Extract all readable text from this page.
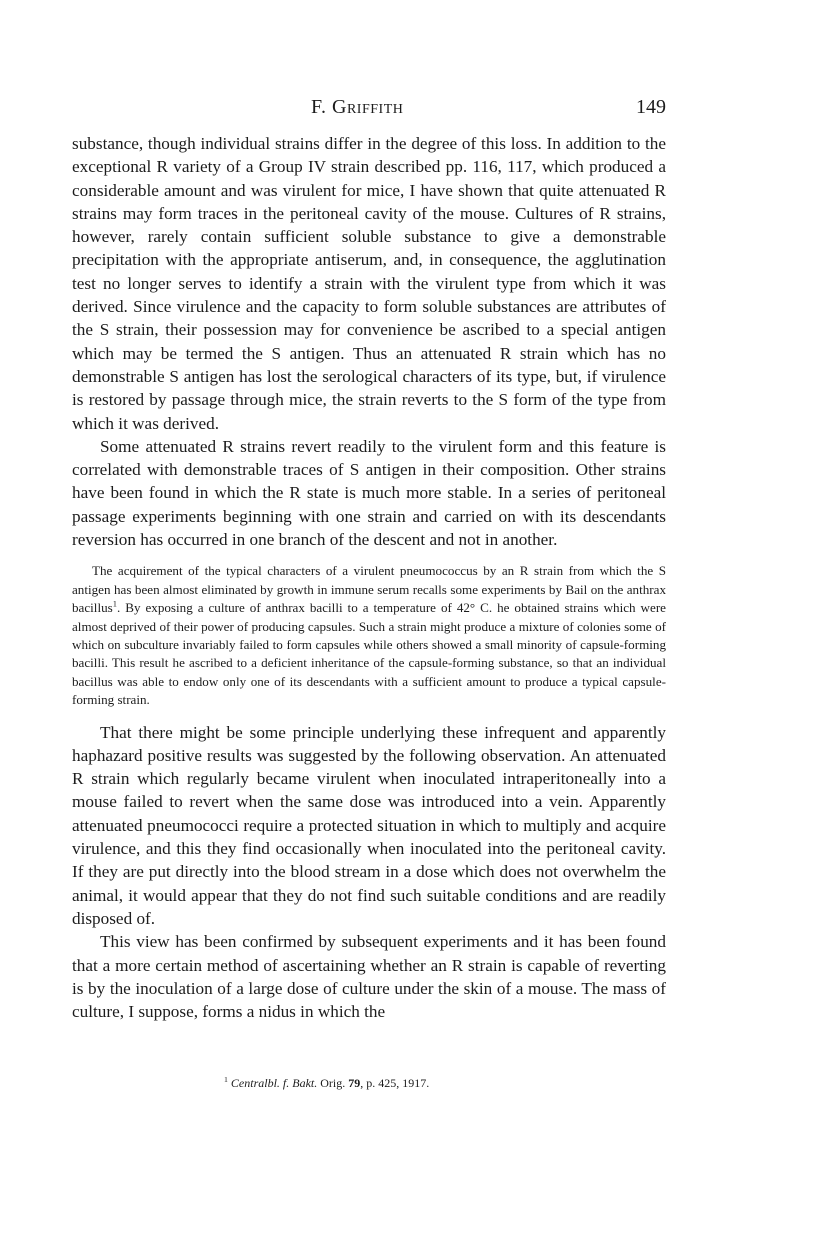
F. Griffith	149

substance, though individual strains differ in the degree of this loss. In addition to the exceptional R variety of a Group IV strain described pp. 116, 117, which produced a considerable amount and was virulent for mice, I have shown that quite attenuated R strains may form traces in the peritoneal cavity of the mouse. Cultures of R strains, however, rarely contain sufficient soluble substance to give a demonstrable precipitation with the appropriate antiserum, and, in consequence, the agglutination test no longer serves to identify a strain with the virulent type from which it was derived. Since virulence and the capacity to form soluble substances are attributes of the S strain, their possession may for convenience be ascribed to a special antigen which may be termed the S antigen. Thus an attenuated R strain which has no demonstrable S antigen has lost the serological characters of its type, but, if virulence is restored by passage through mice, the strain reverts to the S form of the type from which it was derived.

Some attenuated R strains revert readily to the virulent form and this feature is correlated with demonstrable traces of S antigen in their composition. Other strains have been found in which the R state is much more stable. In a series of peritoneal passage experiments beginning with one strain and carried on with its descendants reversion has occurred in one branch of the descent and not in another.

The acquirement of the typical characters of a virulent pneumococcus by an R strain from which the S antigen has been almost eliminated by growth in immune serum recalls some experiments by Bail on the anthrax bacillus$^1$. By exposing a culture of anthrax bacilli to a temperature of 42° C. he obtained strains which were almost deprived of their power of producing capsules. Such a strain might produce a mixture of colonies some of which on subculture invariably failed to form capsules while others showed a small minority of capsule-forming bacilli. This result he ascribed to a deficient inheritance of the capsule-forming substance, so that an individual bacillus was able to endow only one of its descendants with a sufficient amount to produce a typical capsule-forming strain.

That there might be some principle underlying these infrequent and apparently haphazard positive results was suggested by the following observation. An attenuated R strain which regularly became virulent when inoculated intraperitoneally into a mouse failed to revert when the same dose was introduced into a vein. Apparently attenuated pneumococci require a protected situation in which to multiply and acquire virulence, and this they find occasionally when inoculated into the peritoneal cavity. If they are put directly into the blood stream in a dose which does not overwhelm the animal, it would appear that they do not find such suitable conditions and are readily disposed of.

This view has been confirmed by subsequent experiments and it has been found that a more certain method of ascertaining whether an R strain is capable of reverting is by the inoculation of a large dose of culture under the skin of a mouse. The mass of culture, I suppose, forms a nidus in which the

$^1$ Centralbl. f. Bakt. Orig. 79, p. 425, 1917.
